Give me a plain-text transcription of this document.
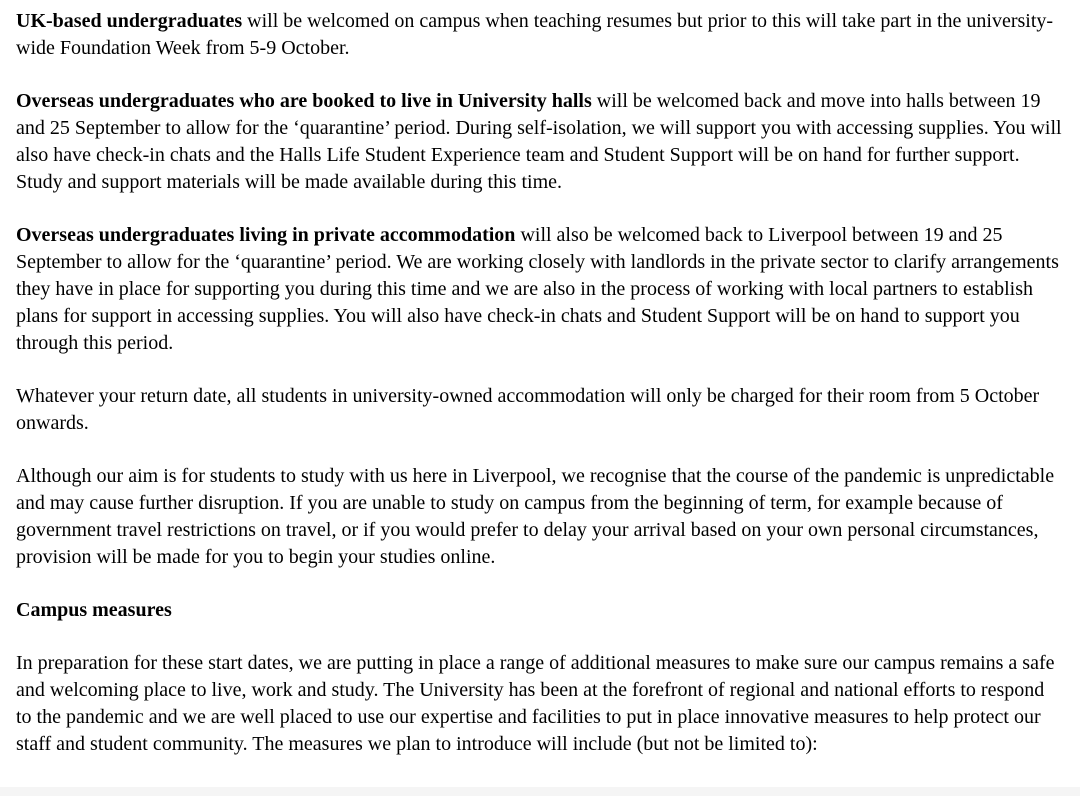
UK-based undergraduates will be welcomed on campus when teaching resumes but prior to this will take part in the university-wide Foundation Week from 5-9 October.

Overseas undergraduates who are booked to live in University halls will be welcomed back and move into halls between 19 and 25 September to allow for the ‘quarantine’ period. During self-isolation, we will support you with accessing supplies. You will also have check-in chats and the Halls Life Student Experience team and Student Support will be on hand for further support. Study and support materials will be made available during this time.

Overseas undergraduates living in private accommodation will also be welcomed back to Liverpool between 19 and 25 September to allow for the ‘quarantine’ period. We are working closely with landlords in the private sector to clarify arrangements they have in place for supporting you during this time and we are also in the process of working with local partners to establish plans for support in accessing supplies. You will also have check-in chats and Student Support will be on hand to support you through this period.

Whatever your return date, all students in university-owned accommodation will only be charged for their room from 5 October onwards.

Although our aim is for students to study with us here in Liverpool, we recognise that the course of the pandemic is unpredictable and may cause further disruption. If you are unable to study on campus from the beginning of term, for example because of government travel restrictions on travel, or if you would prefer to delay your arrival based on your own personal circumstances, provision will be made for you to begin your studies online.

Campus measures

In preparation for these start dates, we are putting in place a range of additional measures to make sure our campus remains a safe and welcoming place to live, work and study. The University has been at the forefront of regional and national efforts to respond to the pandemic and we are well placed to use our expertise and facilities to put in place innovative measures to help protect our staff and student community. The measures we plan to introduce will include (but not be limited to):
